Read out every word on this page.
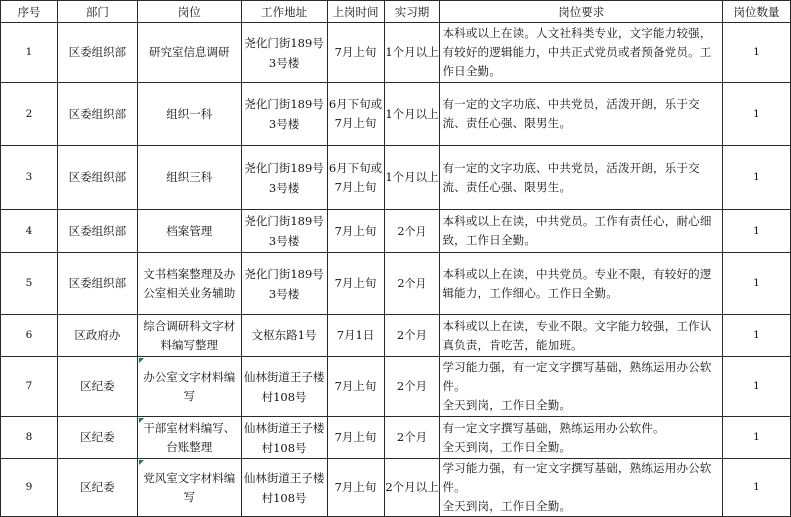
序号	部门	岗位	工作地址	上岗时间	实习期	岗位要求	岗位数量
1	区委组织部	研究室信息调研	尧化门街189号3号楼	7月上旬	1个月以上	本科或以上在读。人文社科类专业，文字能力较强，有较好的逻辑能力，中共正式党员或者预备党员。工作日全勤。	1
2	区委组织部	组织一科	尧化门街189号3号楼	6月下旬或7月上旬	1个月以上	有一定的文字功底、中共党员，活泼开朗，乐于交流、责任心强、限男生。	1
3	区委组织部	组织三科	尧化门街189号3号楼	6月下旬或7月上旬	1个月以上	有一定的文字功底、中共党员，活泼开朗，乐于交流、责任心强、限男生。	1
4	区委组织部	档案管理	尧化门街189号3号楼	7月上旬	2个月	本科或以上在读，中共党员。工作有责任心，耐心细致，工作日全勤。	1
5	区委组织部	文书档案整理及办公室相关业务辅助	尧化门街189号3号楼	7月上旬	2个月	本科或以上在读，中共党员。专业不限，有较好的逻辑能力，工作细心。工作日全勤。	1
6	区政府办	综合调研科文字材料编写整理	文枢东路1号	7月1日	2个月	本科或以上在读，专业不限。文字能力较强，工作认真负责，肯吃苦，能加班。	1
7	区纪委	办公室文字材料编写	仙林街道王子楼村108号	7月上旬	2个月	学习能力强，有一定文字撰写基础，熟练运用办公软件。
全天到岗，工作日全勤。	1
8	区纪委	干部室材料编写、台账整理	仙林街道王子楼村108号	7月上旬	2个月	有一定文字撰写基础，熟练运用办公软件。
全天到岗，工作日全勤。	1
9	区纪委	党风室文字材料编写	仙林街道王子楼村108号	7月上旬	2个月以上	学习能力强，有一定文字撰写基础，熟练运用办公软件。
全天到岗，工作日全勤。	1
